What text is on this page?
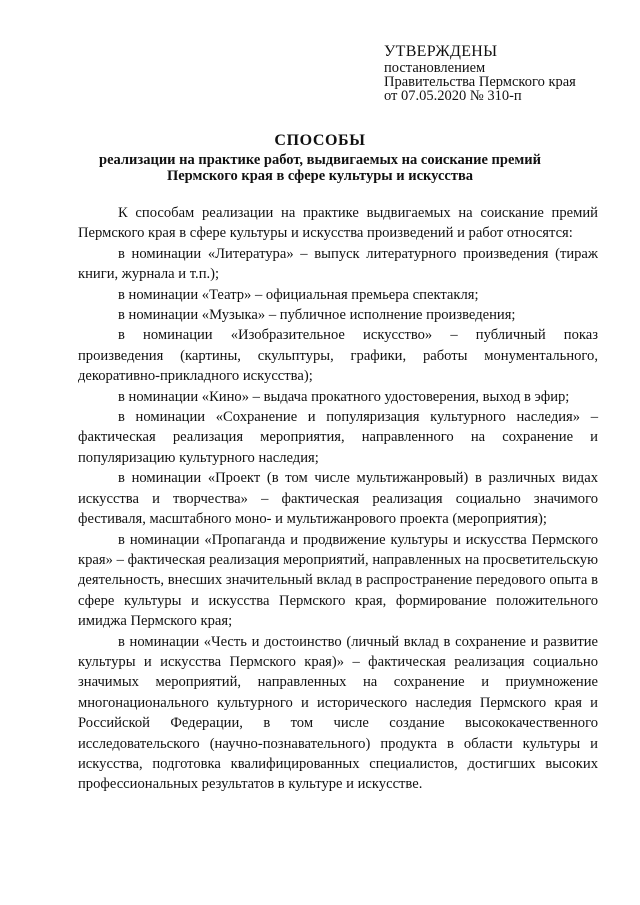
УТВЕРЖДЕНЫ
постановлением
Правительства Пермского края
от 07.05.2020 № 310-п
СПОСОБЫ
реализации на практике работ, выдвигаемых на соискание премий
Пермского края в сфере культуры и искусства

К способам реализации на практике выдвигаемых на соискание премий Пермского края в сфере культуры и искусства произведений и работ относятся:

в номинации «Литература» – выпуск литературного произведения (тираж книги, журнала и т.п.);

в номинации «Театр» – официальная премьера спектакля;

в номинации «Музыка» – публичное исполнение произведения;

в номинации «Изобразительное искусство» – публичный показ произведения (картины, скульптуры, графики, работы монументального, декоративно-прикладного искусства);

в номинации «Кино» – выдача прокатного удостоверения, выход в эфир;

в номинации «Сохранение и популяризация культурного наследия» – фактическая реализация мероприятия, направленного на сохранение и популяризацию культурного наследия;

в номинации «Проект (в том числе мультижанровый) в различных видах искусства и творчества» – фактическая реализация социально значимого фестиваля, масштабного моно- и мультижанрового проекта (мероприятия);

в номинации «Пропаганда и продвижение культуры и искусства Пермского края» – фактическая реализация мероприятий, направленных на просветительскую деятельность, внесших значительный вклад в распространение передового опыта в сфере культуры и искусства Пермского края, формирование положительного имиджа Пермского края;

в номинации «Честь и достоинство (личный вклад в сохранение и развитие культуры и искусства Пермского края)» – фактическая реализация социально значимых мероприятий, направленных на сохранение и приумножение многонационального культурного и исторического наследия Пермского края и Российской Федерации, в том числе создание высококачественного исследовательского (научно-познавательного) продукта в области культуры и искусства, подготовка квалифицированных специалистов, достигших высоких профессиональных результатов в культуре и искусстве.
